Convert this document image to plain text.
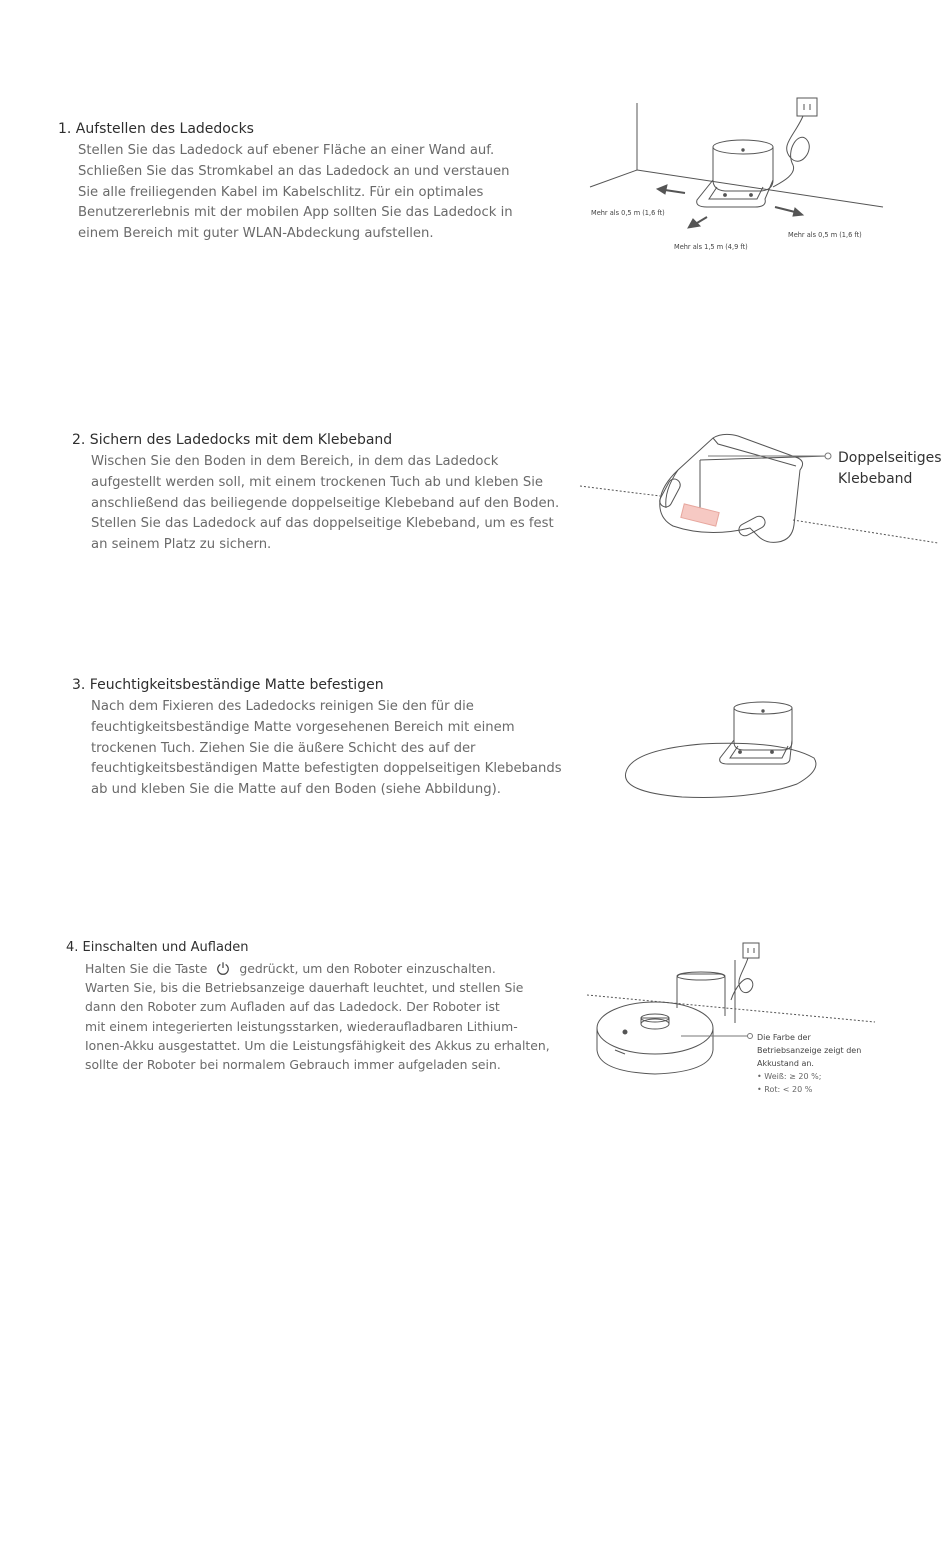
1. Aufstellen des Ladedocks
Stellen Sie das Ladedock auf ebener Fläche an einer Wand auf.
Schließen Sie das Stromkabel an das Ladedock an und verstauen
Sie alle freiliegenden Kabel im Kabelschlitz. Für ein optimales
Benutzererlebnis mit der mobilen App sollten Sie das Ladedock in
einem Bereich mit guter WLAN-Abdeckung aufstellen.
Mehr als 0,5 m (1,6 ft)
Mehr als 0,5 m (1,6 ft)
Mehr als 1,5 m (4,9 ft)
2. Sichern des Ladedocks mit dem Klebeband
Wischen Sie den Boden in dem Bereich, in dem das Ladedock
aufgestellt werden soll, mit einem trockenen Tuch ab und kleben Sie
anschließend das beiliegende doppelseitige Klebeband auf den Boden.
Stellen Sie das Ladedock auf das doppelseitige Klebeband, um es fest
an seinem Platz zu sichern.
Doppelseitiges
Klebeband
3. Feuchtigkeitsbeständige Matte befestigen
Nach dem Fixieren des Ladedocks reinigen Sie den für die
feuchtigkeitsbeständige Matte vorgesehenen Bereich mit einem
trockenen Tuch. Ziehen Sie die äußere Schicht des auf der
feuchtigkeitsbeständigen Matte befestigten doppelseitigen Klebebands
ab und kleben Sie die Matte auf den Boden (siehe Abbildung).
4. Einschalten und Aufladen
Halten Sie die Taste	gedrückt, um den Roboter einzuschalten.
Warten Sie, bis die Betriebsanzeige dauerhaft leuchtet, und stellen Sie
dann den Roboter zum Aufladen auf das Ladedock. Der Roboter ist
mit einem integerierten leistungsstarken, wiederaufladbaren Lithium-
Ionen-Akku ausgestattet. Um die Leistungsfähigkeit des Akkus zu erhalten,
sollte der Roboter bei normalem Gebrauch immer aufgeladen sein.
Die Farbe der
Betriebsanzeige zeigt den
Akkustand an.
• Weiß: ≥ 20 %;
• Rot: < 20 %
